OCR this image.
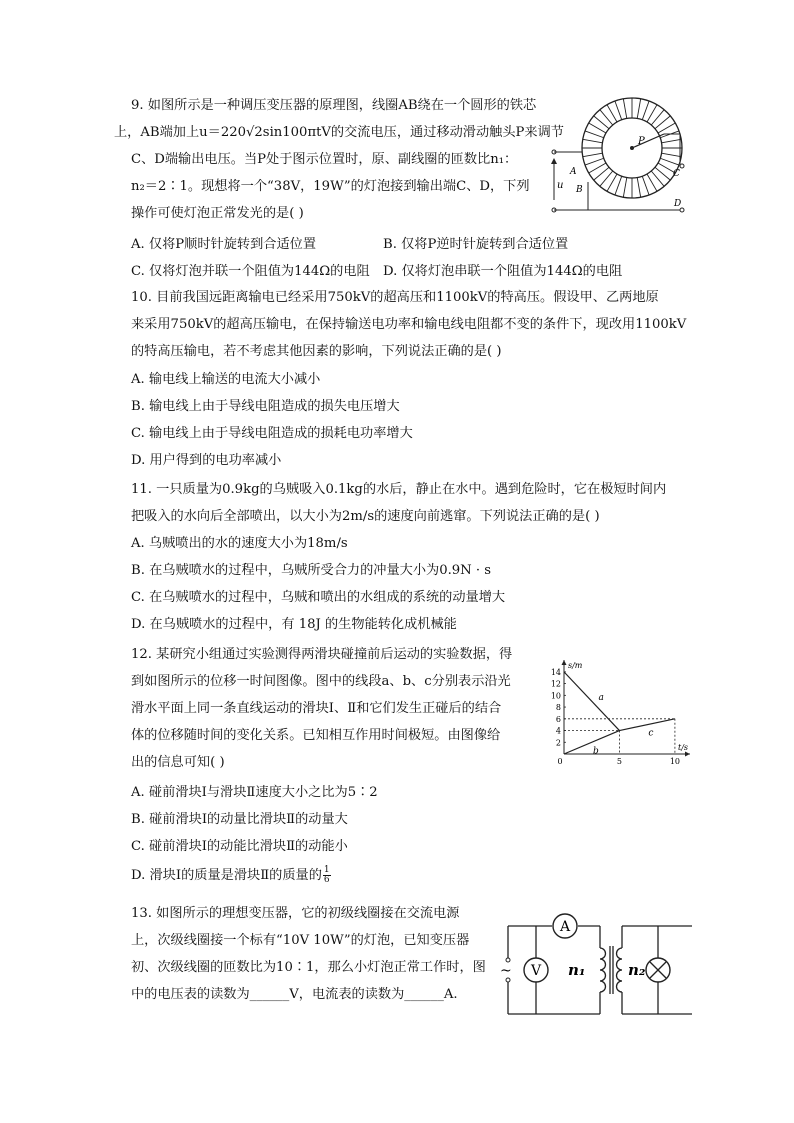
9. 如图所示是一种调压变压器的原理图，线圈AB绕在一个圆形的铁芯
上，AB端加上u＝220√2sin100πtV的交流电压，通过移动滑动触头P来调节
C、D端输出电压。当P处于图示位置时，原、副线圈的匝数比n₁：
n₂＝2∶1。现想将一个“38V，19W”的灯泡接到输出端C、D，下列
操作可使灯泡正常发光的是( )
A. 仅将P顺时针旋转到合适位置	B. 仅将P逆时针旋转到合适位置
C. 仅将灯泡并联一个阻值为144Ω的电阻 D. 仅将灯泡串联一个阻值为144Ω的电阻
P
u
A
B
C
D
10. 目前我国远距离输电已经采用750kV的超高压和1100kV的特高压。假设甲、乙两地原
来采用750kV的超高压输电，在保持输送电功率和输电线电阻都不变的条件下，现改用1100kV
的特高压输电，若不考虑其他因素的影响，下列说法正确的是( )
A. 输电线上输送的电流大小减小
B. 输电线上由于导线电阻造成的损失电压增大
C. 输电线上由于导线电阻造成的损耗电功率增大
D. 用户得到的电功率减小
11. 一只质量为0.9kg的乌贼吸入0.1kg的水后，静止在水中。遇到危险时，它在极短时间内
把吸入的水向后全部喷出，以大小为2m/s的速度向前逃窜。下列说法正确的是( )
A. 乌贼喷出的水的速度大小为18m/s
B. 在乌贼喷水的过程中，乌贼所受合力的冲量大小为0.9N · s
C. 在乌贼喷水的过程中，乌贼和喷出的水组成的系统的动量增大
D. 在乌贼喷水的过程中，有 18J 的生物能转化成机械能
12. 某研究小组通过实验测得两滑块碰撞前后运动的实验数据，得
到如图所示的位移一时间图像。图中的线段a、b、c分别表示沿光
滑水平面上同一条直线运动的滑块Ⅰ、Ⅱ和它们发生正碰后的结合
体的位移随时间的变化关系。已知相互作用时间极短。由图像给
出的信息可知( )
A. 碰前滑块Ⅰ与滑块Ⅱ速度大小之比为5∶2
B. 碰前滑块Ⅰ的动量比滑块Ⅱ的动量大
C. 碰前滑块Ⅰ的动能比滑块Ⅱ的动能小
D. 滑块Ⅰ的质量是滑块Ⅱ的质量的 $\frac{1}{6}$
s/m
t/s
2
4
6
8
10
12
14
0	5	10
a
b
c
13. 如图所示的理想变压器，它的初级线圈接在交流电源
上，次级线圈接一个标有“10V 10W”的灯泡，已知变压器
初、次级线圈的匝数比为10∶1，那么小灯泡正常工作时，图
中的电压表的读数为______V，电流表的读数为______A.
~
A
V n₁	n₂
